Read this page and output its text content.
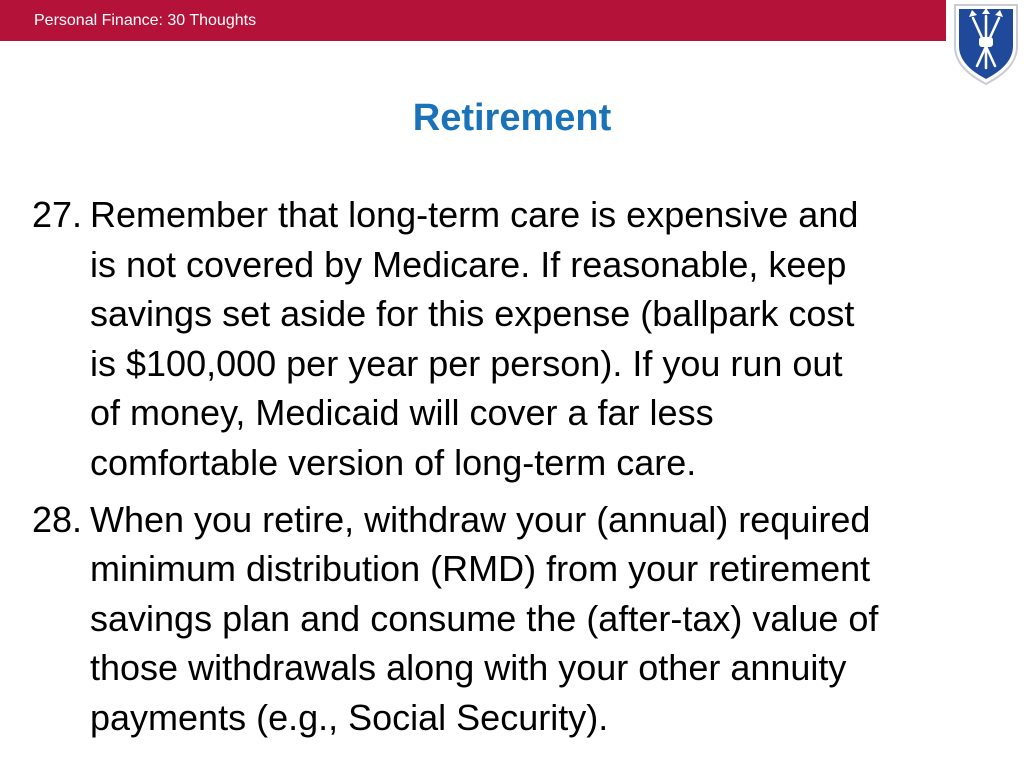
Personal Finance: 30 Thoughts
Retirement
27. Remember that long-term care is expensive and
is not covered by Medicare. If reasonable, keep
savings set aside for this expense (ballpark cost
is $100,000 per year per person). If you run out
of money, Medicaid will cover a far less
comfortable version of long-term care.
28. When you retire, withdraw your (annual) required
minimum distribution (RMD) from your retirement
savings plan and consume the (after-tax) value of
those withdrawals along with your other annuity
payments (e.g., Social Security).
